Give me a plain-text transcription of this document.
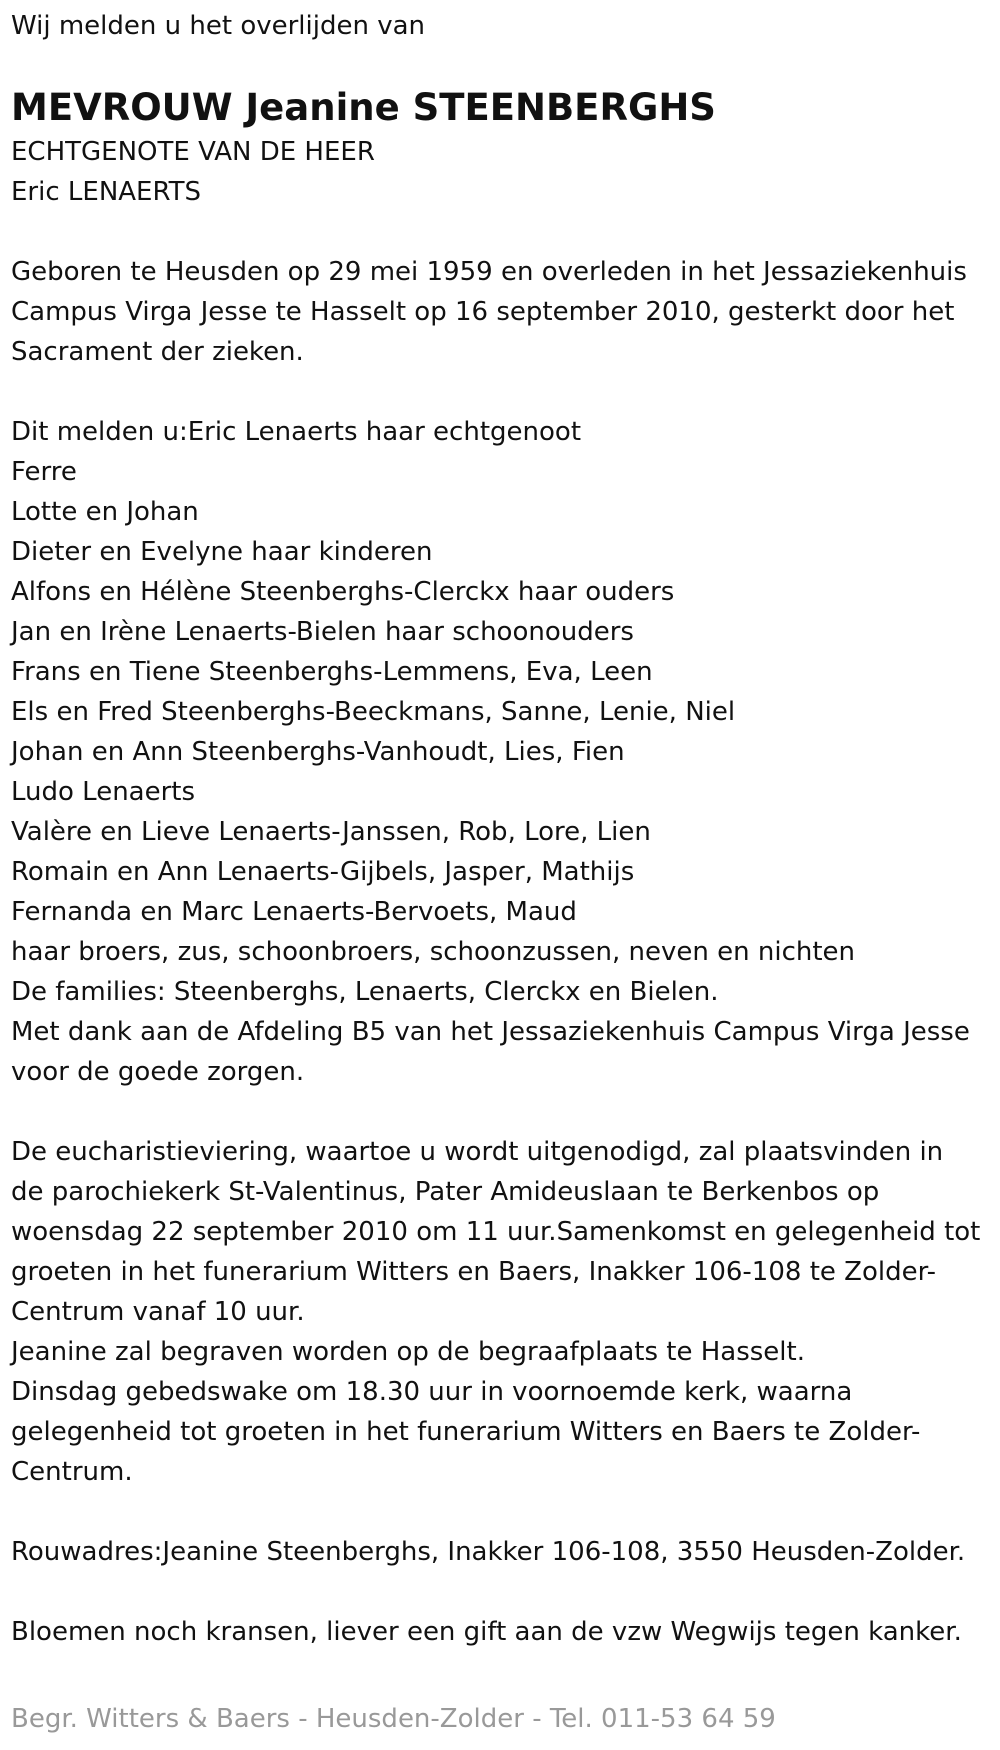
Wij melden u het overlijden van

MEVROUW Jeanine STEENBERGHS

ECHTGENOTE VAN DE HEER

Eric LENAERTS

Geboren te Heusden op 29 mei 1959 en overleden in het Jessaziekenhuis

Campus Virga Jesse te Hasselt op 16 september 2010, gesterkt door het

Sacrament der zieken.

Dit melden u:Eric Lenaerts haar echtgenoot

Ferre

Lotte en Johan

Dieter en Evelyne haar kinderen

Alfons en Hélène Steenberghs-Clerckx haar ouders

Jan en Irène Lenaerts-Bielen haar schoonouders

Frans en Tiene Steenberghs-Lemmens, Eva, Leen

Els en Fred Steenberghs-Beeckmans, Sanne, Lenie, Niel

Johan en Ann Steenberghs-Vanhoudt, Lies, Fien

Ludo Lenaerts

Valère en Lieve Lenaerts-Janssen, Rob, Lore, Lien

Romain en Ann Lenaerts-Gijbels, Jasper, Mathijs

Fernanda en Marc Lenaerts-Bervoets, Maud

haar broers, zus, schoonbroers, schoonzussen, neven en nichten

De families: Steenberghs, Lenaerts, Clerckx en Bielen.

Met dank aan de Afdeling B5 van het Jessaziekenhuis Campus Virga Jesse

voor de goede zorgen.

De eucharistieviering, waartoe u wordt uitgenodigd, zal plaatsvinden in

de parochiekerk St-Valentinus, Pater Amideuslaan te Berkenbos op

woensdag 22 september 2010 om 11 uur.Samenkomst en gelegenheid tot

groeten in het funerarium Witters en Baers, Inakker 106-108 te Zolder-

Centrum vanaf 10 uur.

Jeanine zal begraven worden op de begraafplaats te Hasselt.

Dinsdag gebedswake om 18.30 uur in voornoemde kerk, waarna

gelegenheid tot groeten in het funerarium Witters en Baers te Zolder-

Centrum.

Rouwadres:Jeanine Steenberghs, Inakker 106-108, 3550 Heusden-Zolder.

Bloemen noch kransen, liever een gift aan de vzw Wegwijs tegen kanker.

Begr. Witters & Baers - Heusden-Zolder - Tel. 011-53 64 59
